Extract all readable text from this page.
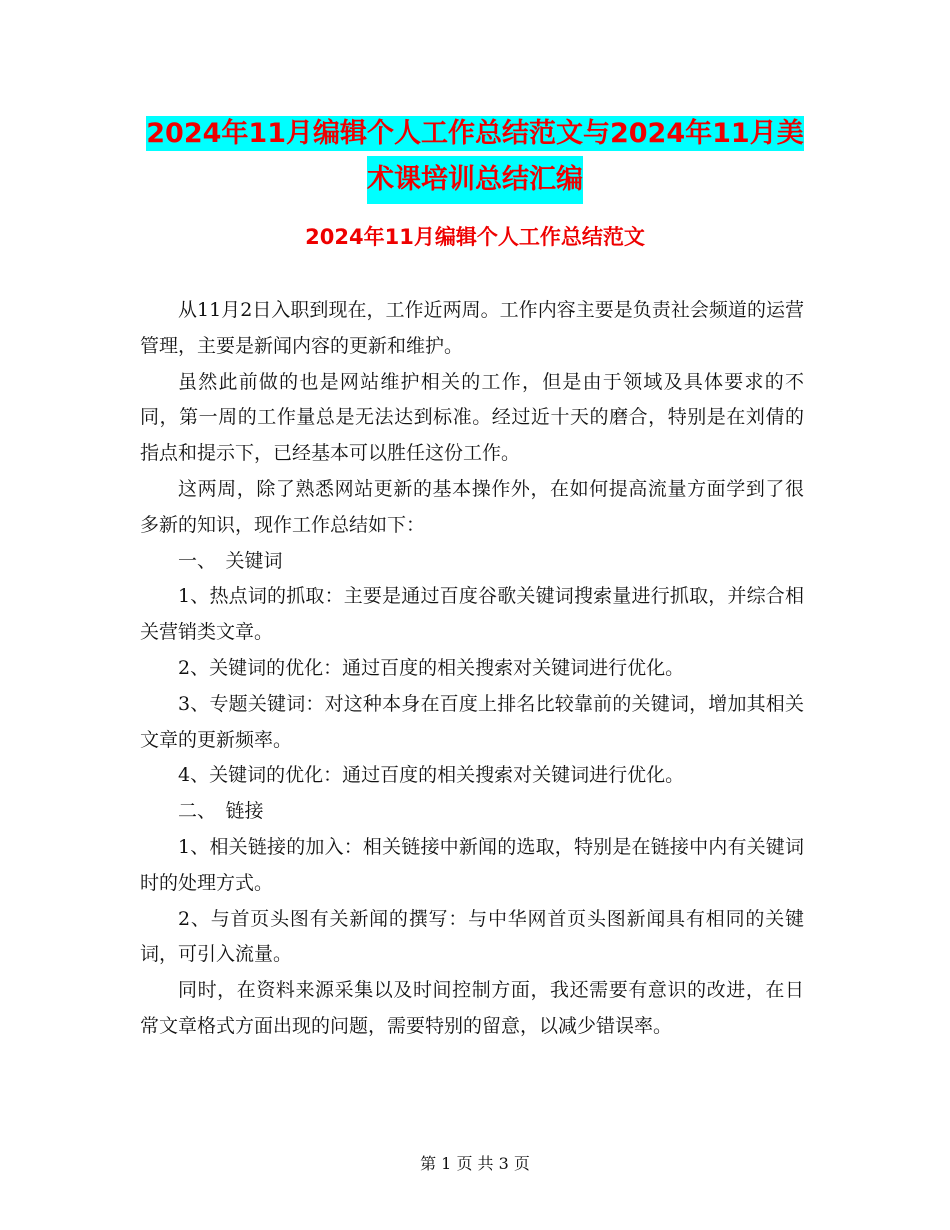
2024年11月编辑个人工作总结范文与2024年11月美
术课培训总结汇编
2024年11月编辑个人工作总结范文

从11月2日入职到现在，工作近两周。工作内容主要是负责社会频道的运营管理，主要是新闻内容的更新和维护。

虽然此前做的也是网站维护相关的工作，但是由于领域及具体要求的不同，第一周的工作量总是无法达到标准。经过近十天的磨合，特别是在刘倩的指点和提示下，已经基本可以胜任这份工作。

这两周，除了熟悉网站更新的基本操作外，在如何提高流量方面学到了很多新的知识，现作工作总结如下：

一、　关键词

1、热点词的抓取：主要是通过百度谷歌关键词搜索量进行抓取，并综合相关营销类文章。

2、关键词的优化：通过百度的相关搜索对关键词进行优化。

3、专题关键词：对这种本身在百度上排名比较靠前的关键词，增加其相关文章的更新频率。

4、关键词的优化：通过百度的相关搜索对关键词进行优化。

二、　链接

1、相关链接的加入：相关链接中新闻的选取，特别是在链接中内有关键词时的处理方式。

2、与首页头图有关新闻的撰写：与中华网首页头图新闻具有相同的关键词，可引入流量。

同时，在资料来源采集以及时间控制方面，我还需要有意识的改进，在日常文章格式方面出现的问题，需要特别的留意，以减少错误率。

第 1 页 共 3 页
